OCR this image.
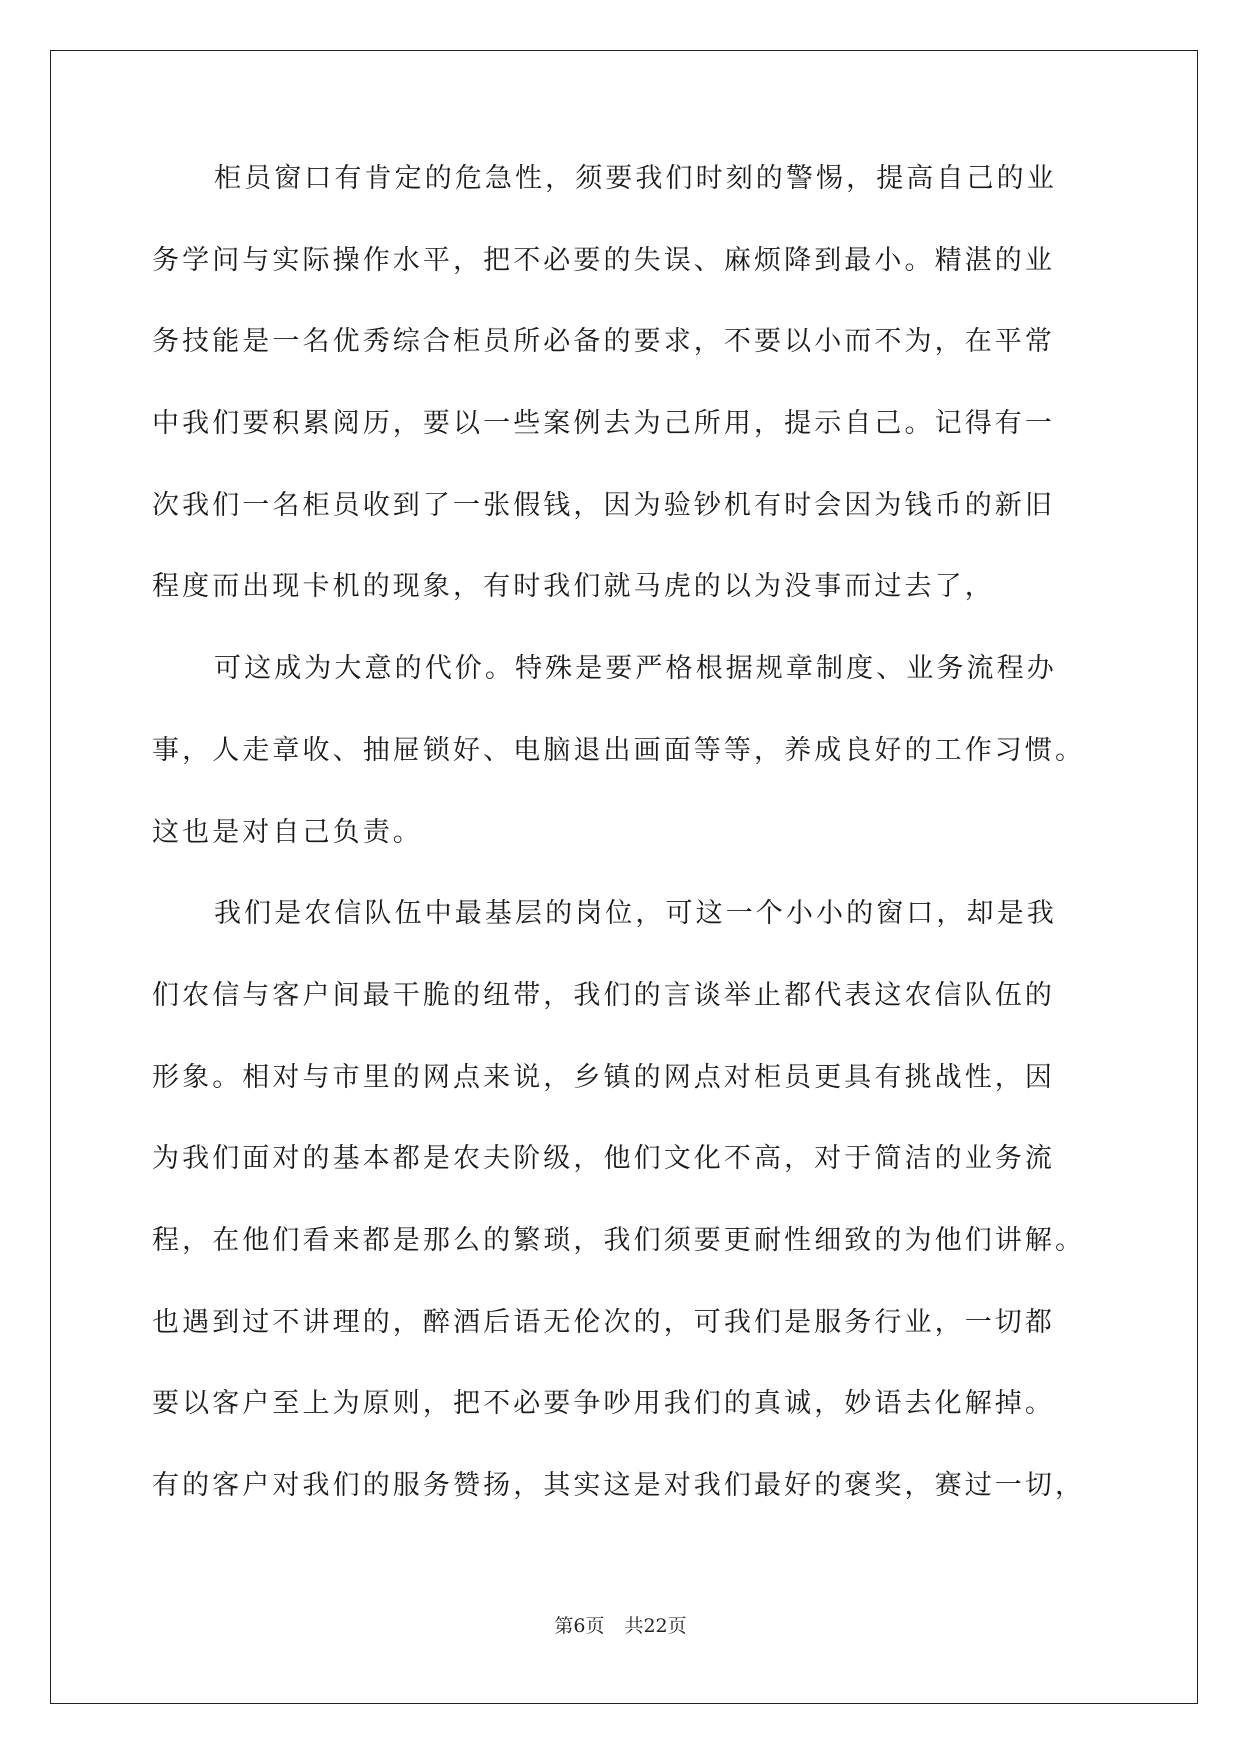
柜员窗口有肯定的危急性，须要我们时刻的警惕，提高自己的业
务学问与实际操作水平，把不必要的失误、麻烦降到最小。精湛的业
务技能是一名优秀综合柜员所必备的要求，不要以小而不为，在平常
中我们要积累阅历，要以一些案例去为己所用，提示自己。记得有一
次我们一名柜员收到了一张假钱，因为验钞机有时会因为钱币的新旧
程度而出现卡机的现象，有时我们就马虎的以为没事而过去了，
可这成为大意的代价。特殊是要严格根据规章制度、业务流程办
事，人走章收、抽屉锁好、电脑退出画面等等，养成良好的工作习惯。
这也是对自己负责。
我们是农信队伍中最基层的岗位，可这一个小小的窗口，却是我
们农信与客户间最干脆的纽带，我们的言谈举止都代表这农信队伍的
形象。相对与市里的网点来说，乡镇的网点对柜员更具有挑战性，因
为我们面对的基本都是农夫阶级，他们文化不高，对于简洁的业务流
程，在他们看来都是那么的繁琐，我们须要更耐性细致的为他们讲解。
也遇到过不讲理的，醉酒后语无伦次的，可我们是服务行业，一切都
要以客户至上为原则，把不必要争吵用我们的真诚，妙语去化解掉。
有的客户对我们的服务赞扬，其实这是对我们最好的褒奖，赛过一切，
第6页 共22页
